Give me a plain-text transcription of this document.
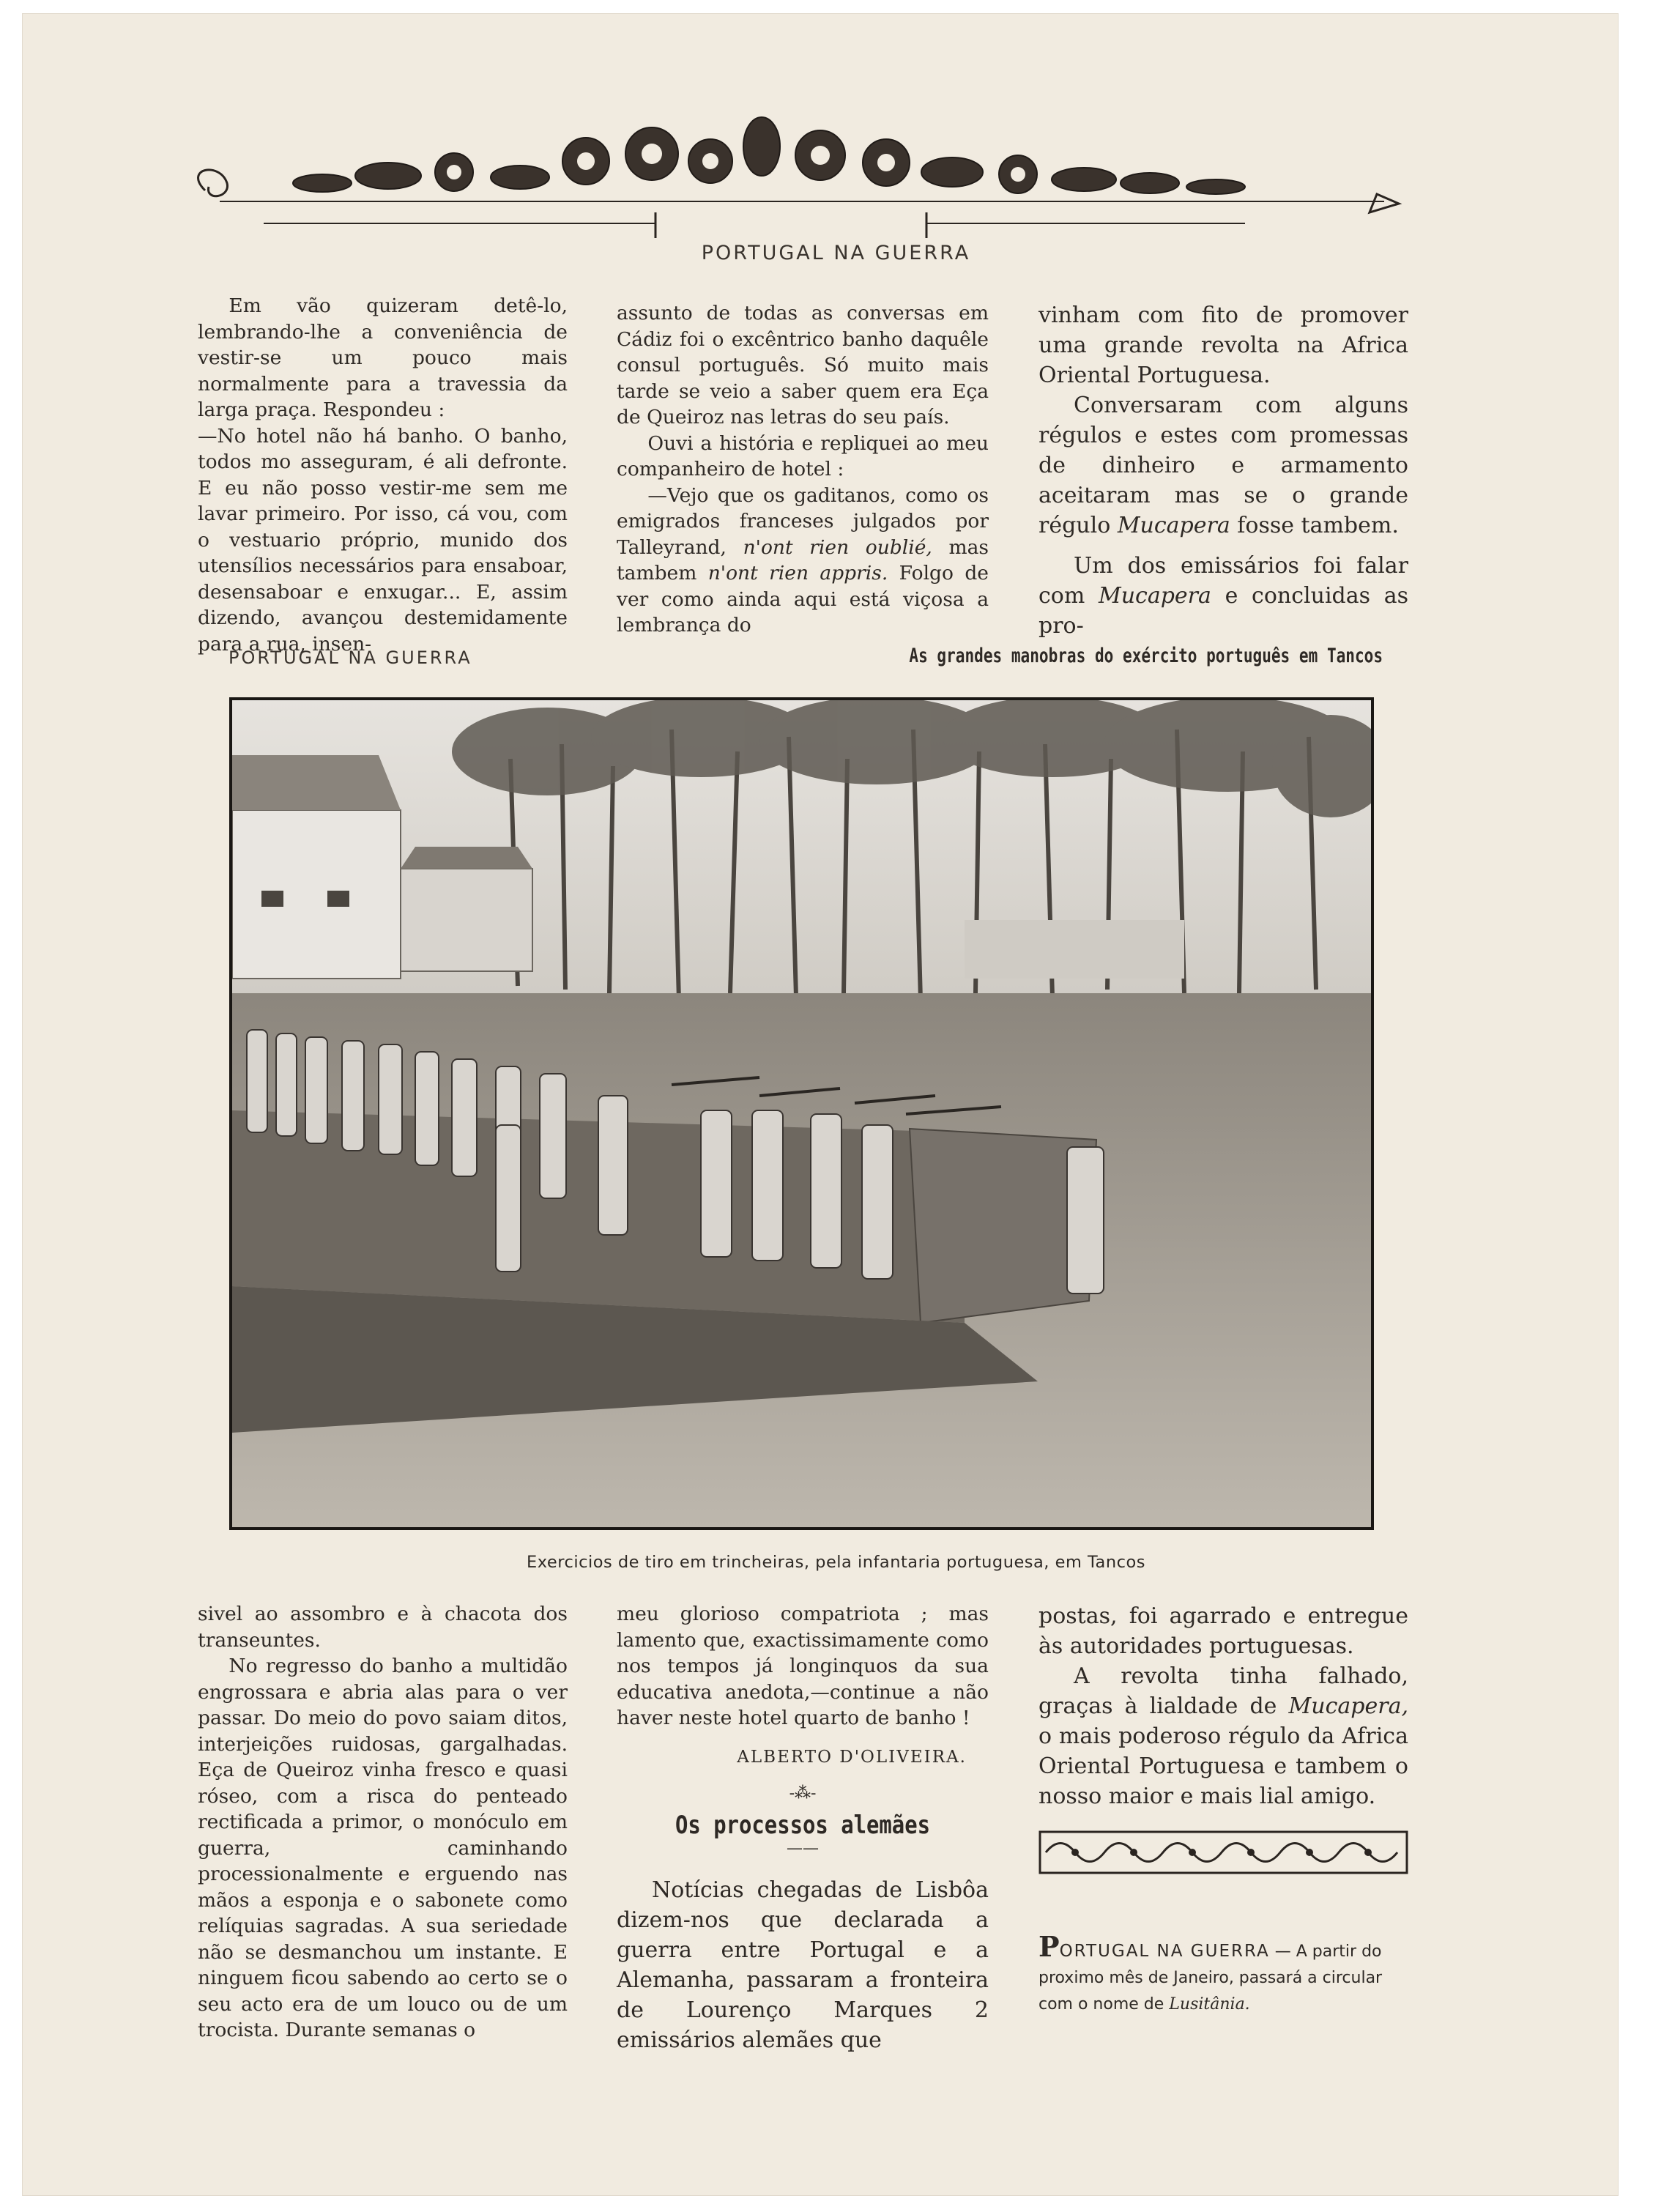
PORTUGAL NA GUERRA

Em vão quizeram detê-lo, lembrando-lhe a conveniência de vestir-se um pouco mais normalmente para a travessia da larga praça. Respondeu :

—No hotel não há banho. O banho, todos mo asseguram, é ali defronte. E eu não posso vestir-me sem me lavar primeiro. Por isso, cá vou, com o vestuario próprio, munido dos utensílios necessários para ensaboar, desensaboar e enxugar... E, assim dizendo, avançou destemidamente para a rua, insen-

assunto de todas as conversas em Cádiz foi o excêntrico banho daquêle consul português. Só muito mais tarde se veio a saber quem era Eça de Queiroz nas letras do seu país.

Ouvi a história e repliquei ao meu companheiro de hotel :

—Vejo que os gaditanos, como os emigrados franceses julgados por Talleyrand, n'ont rien oublié, mas tambem n'ont rien appris. Folgo de ver como ainda aqui está viçosa a lembrança do

vinham com fito de promover uma grande revolta na Africa Oriental Portuguesa.

Conversaram com alguns régulos e estes com promessas de dinheiro e armamento aceitaram mas se o grande régulo Mucapera fosse tambem.

Um dos emissários foi falar com Mucapera e concluidas as pro-

PORTUGAL NA GUERRA	As grandes manobras do exército português em Tancos
Exercicios de tiro em trincheiras, pela infantaria portuguesa, em Tancos

sivel ao assombro e à chacota dos transeuntes.

No regresso do banho a multidão engrossara e abria alas para o ver passar. Do meio do povo saiam ditos, interjeições ruidosas, gargalhadas. Eça de Queiroz vinha fresco e quasi róseo, com a risca do penteado rectificada a primor, o monóculo em guerra, caminhando processionalmente e erguendo nas mãos a esponja e o sabonete como relíquias sagradas. A sua seriedade não se desmanchou um instante. E ninguem ficou sabendo ao certo se o seu acto era de um louco ou de um trocista. Durante semanas o

meu glorioso compatriota ; mas lamento que, exactissimamente como nos tempos já longinquos da sua educativa anedota,—continue a não haver neste hotel quarto de banho !

ALBERTO D'OLIVEIRA.
-⁂-
Os processos alemães
——

Notícias chegadas de Lisbôa dizem-nos que declarada a guerra entre Portugal e a Alemanha, passaram a fronteira de Lourenço Marques 2 emissários alemães que

postas, foi agarrado e entregue às autoridades portuguesas.

A revolta tinha falhado, graças à lialdade de Mucapera, o mais poderoso régulo da Africa Oriental Portuguesa e tambem o nosso maior e mais lial amigo.

PORTUGAL NA GUERRA — A partir do proximo mês de Janeiro, passará a circular com o nome de Lusitânia.
